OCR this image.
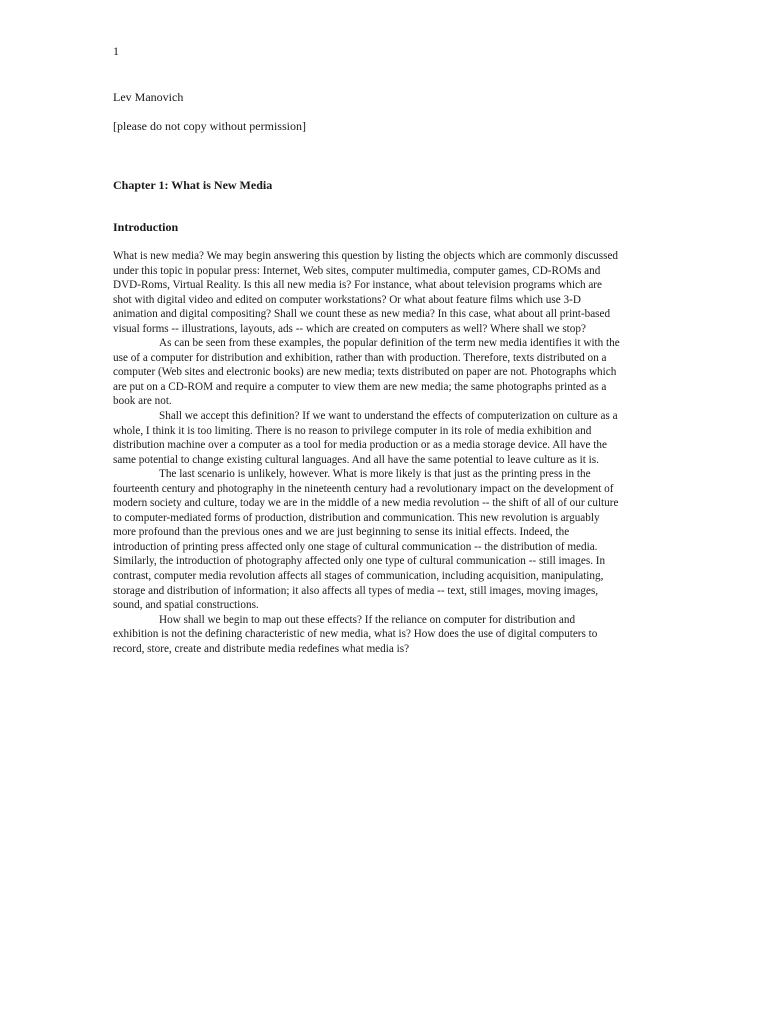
1
Lev Manovich
[please do not copy without permission]
Chapter 1: What is New Media
Introduction

What is new media? We may begin answering this question by listing the objects which are commonly discussed under this topic in popular press: Internet, Web sites, computer multimedia, computer games, CD-ROMs and DVD-Roms, Virtual Reality. Is this all new media is? For instance, what about television programs which are shot with digital video and edited on computer workstations? Or what about feature films which use 3-D animation and digital compositing? Shall we count these as new media? In this case, what about all print-based visual forms -- illustrations, layouts, ads -- which are created on computers as well? Where shall we stop?

As can be seen from these examples, the popular definition of the term new media identifies it with the use of a computer for distribution and exhibition, rather than with production. Therefore, texts distributed on a computer (Web sites and electronic books) are new media; texts distributed on paper are not. Photographs which are put on a CD-ROM and require a computer to view them are new media; the same photographs printed as a book are not.

Shall we accept this definition? If we want to understand the effects of computerization on culture as a whole, I think it is too limiting. There is no reason to privilege computer in its role of media exhibition and distribution machine over a computer as a tool for media production or as a media storage device. All have the same potential to change existing cultural languages. And all have the same potential to leave culture as it is.

The last scenario is unlikely, however. What is more likely is that just as the printing press in the fourteenth century and photography in the nineteenth century had a revolutionary impact on the development of modern society and culture, today we are in the middle of a new media revolution -- the shift of all of our culture to computer-mediated forms of production, distribution and communication. This new revolution is arguably more profound than the previous ones and we are just beginning to sense its initial effects. Indeed, the introduction of printing press affected only one stage of cultural communication -- the distribution of media. Similarly, the introduction of photography affected only one type of cultural communication -- still images. In contrast, computer media revolution affects all stages of communication, including acquisition, manipulating, storage and distribution of information; it also affects all types of media -- text, still images, moving images, sound, and spatial constructions.

How shall we begin to map out these effects? If the reliance on computer for distribution and exhibition is not the defining characteristic of new media, what is? How does the use of digital computers to record, store, create and distribute media redefines what media is?
